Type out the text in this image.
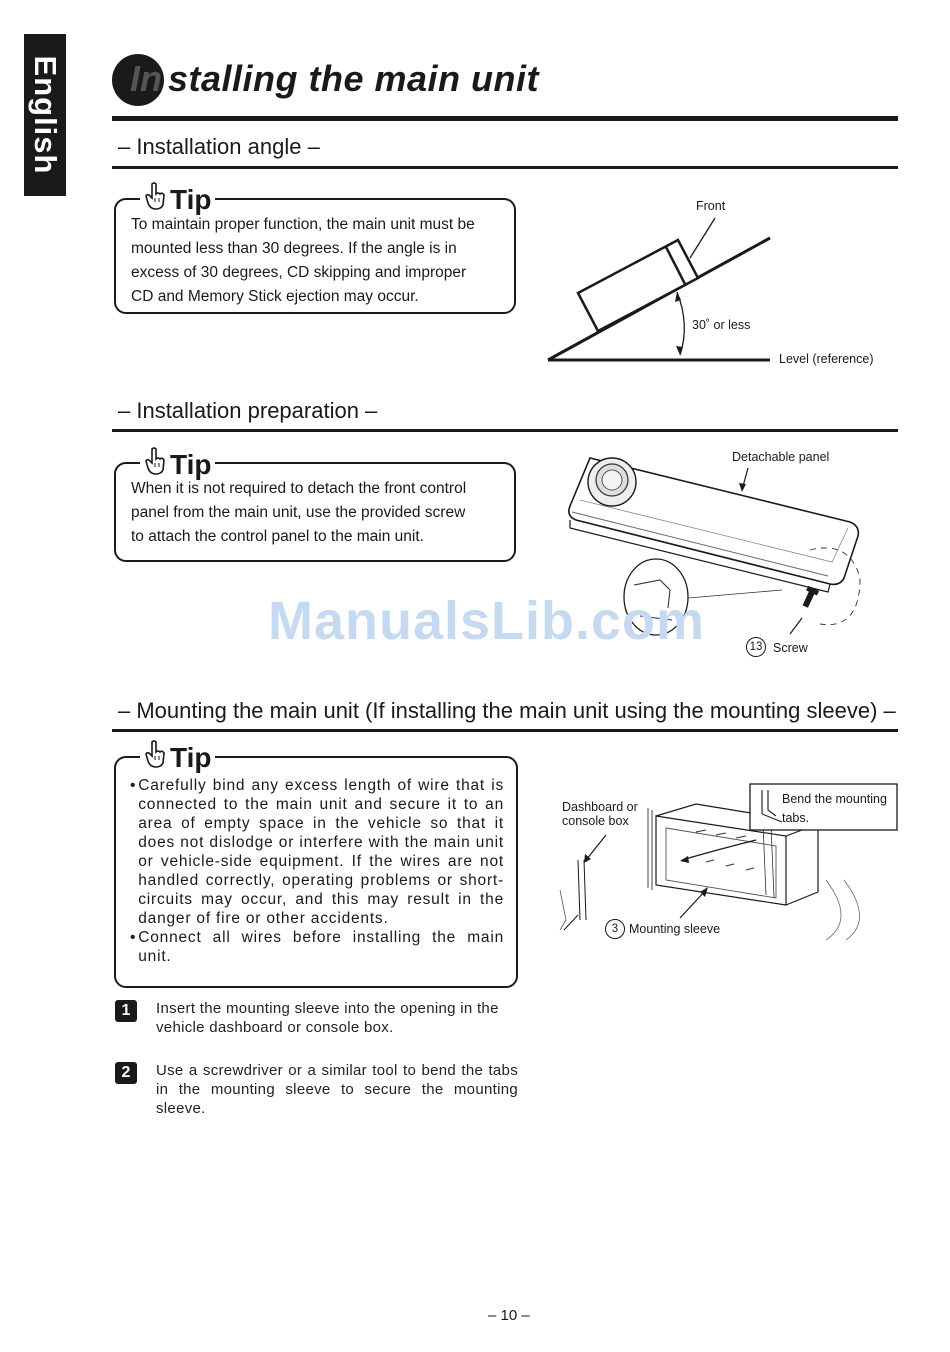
English In stalling the main unit
– Installation angle –
Tip
To maintain proper function, the main unit must be
mounted less than 30 degrees. If the angle is in
excess of 30 degrees, CD skipping and improper
CD and Memory Stick ejection may occur.
Front
30˚ or less
Level (reference)
– Installation preparation –
Tip
When it is not required to detach the front control
panel from the main unit, use the provided screw
to attach the control panel to the main unit.
Detachable panel
13 Screw
ManualsLib.com
– Mounting the main unit (If installing the main unit using the mounting sleeve) –
Tip
• Carefully bind any excess length of wire that is connected to the main unit and secure it to an area of empty space in the vehicle so that it does not dislodge or interfere with the main unit or vehicle-side equipment. If the wires are not handled correctly, operating problems or short-circuits may occur, and this may result in the danger of fire or other accidents.
• Connect all wires before installing the main unit.
1	Insert the mounting sleeve into the opening in the vehicle dashboard or console box.
2	Use a screwdriver or a similar tool to bend the tabs in the mounting sleeve to secure the mounting sleeve.
Dashboard or
console box
Bend the mounting
tabs.
3 Mounting sleeve
– 10 –
